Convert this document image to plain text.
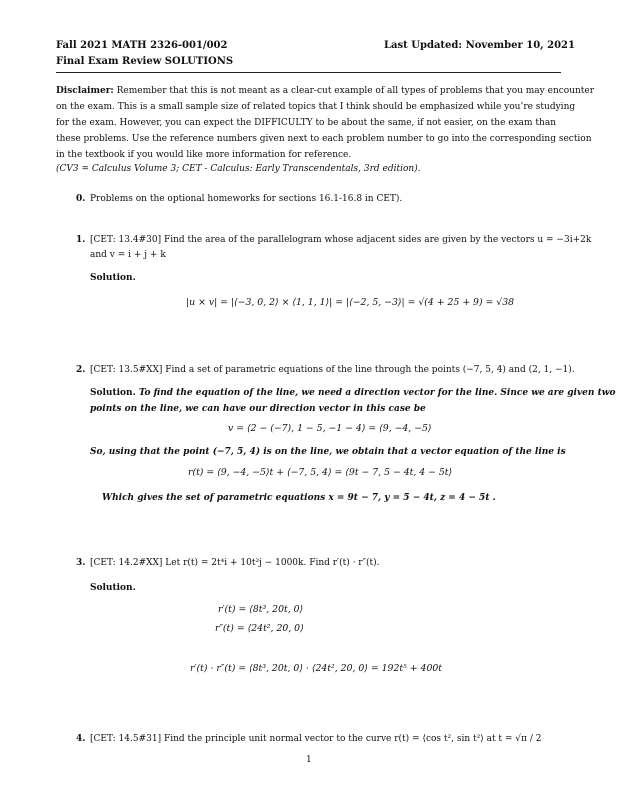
Fall 2021 MATH 2326-001/002	Last Updated: November 10, 2021
Final Exam Review SOLUTIONS
Disclaimer: Remember that this is not meant as a clear-cut example of all types of problems that you may encounter
on the exam. This is a small sample size of related topics that I think should be emphasized while you’re studying
for the exam. However, you can expect the DIFFICULTY to be about the same, if not easier, on the exam than
these problems. Use the reference numbers given next to each problem number to go into the corresponding section
in the textbook if you would like more information for reference.
(CV3 = Calculus Volume 3; CET - Calculus: Early Transcendentals, 3rd edition).
0. Problems on the optional homeworks for sections 16.1-16.8 in CET).
1. [CET: 13.4#30] Find the area of the parallelogram whose adjacent sides are given by the vectors u = −3i+2k
and v = i + j + k
Solution.
|u × v| = |⟨−3, 0, 2⟩ × ⟨1, 1, 1⟩| = |⟨−2, 5, −3⟩| = √(4 + 25 + 9) = √38
2. [CET: 13.5#XX] Find a set of parametric equations of the line through the points (−7, 5, 4) and (2, 1, −1).
Solution. To find the equation of the line, we need a direction vector for the line. Since we are given two
points on the line, we can have our direction vector in this case be
v = ⟨2 − (−7), 1 − 5, −1 − 4⟩ = ⟨9, −4, −5⟩
So, using that the point (−7, 5, 4) is on the line, we obtain that a vector equation of the line is
r(t) = ⟨9, −4, −5⟩t + ⟨−7, 5, 4⟩ = ⟨9t − 7, 5 − 4t, 4 − 5t⟩
Which gives the set of parametric equations x = 9t − 7, y = 5 − 4t, z = 4 − 5t .
3. [CET: 14.2#XX] Let r(t) = 2t⁴i + 10t²j − 1000k. Find r′(t) · r″(t).
Solution.
r′(t) = ⟨8t³, 20t, 0⟩
r″(t) = ⟨24t², 20, 0⟩
r′(t) · r″(t) = ⟨8t³, 20t, 0⟩ · ⟨24t², 20, 0⟩ = 192t⁵ + 400t
4. [CET: 14.5#31] Find the principle unit normal vector to the curve r(t) = ⟨cos t², sin t²⟩ at t = √π / 2
1
